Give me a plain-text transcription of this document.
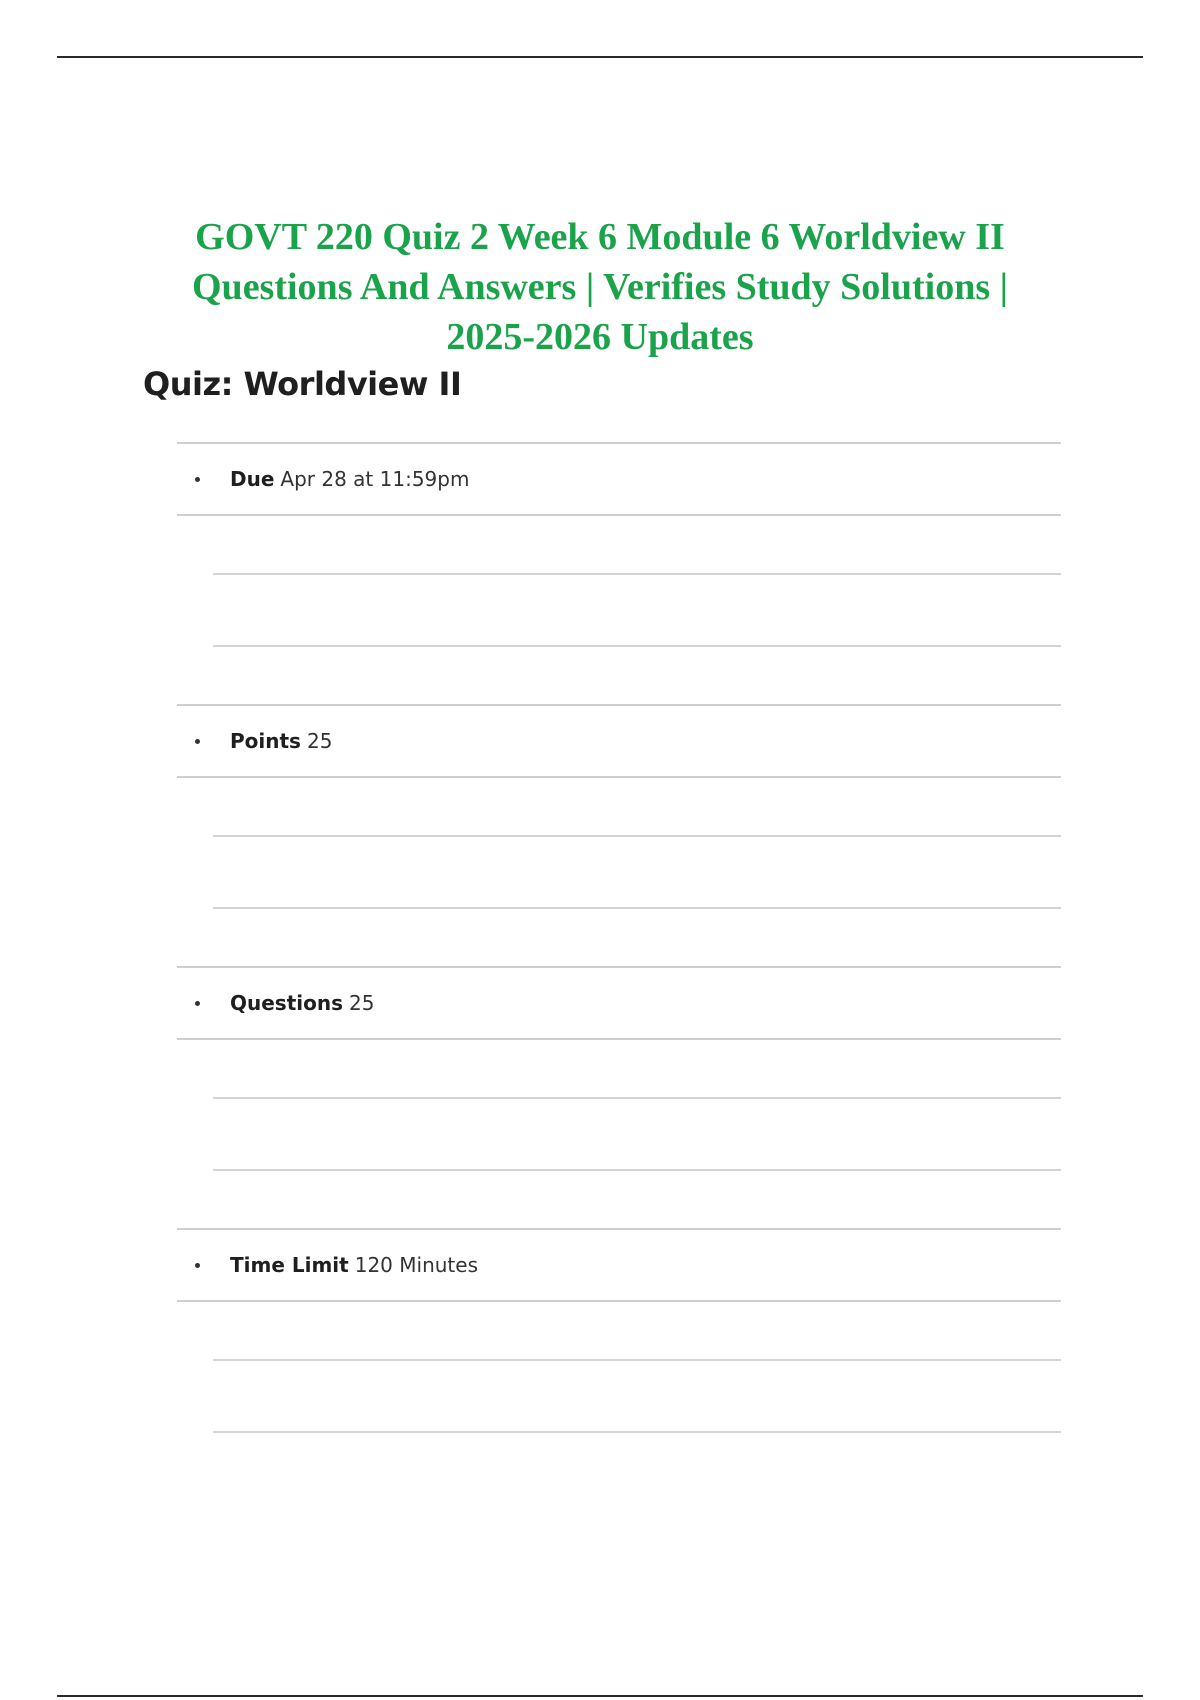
GOVT 220 Quiz 2 Week 6 Module 6 Worldview II
Questions And Answers | Verifies Study Solutions |
2025-2026 Updates
Quiz: Worldview II
Due Apr 28 at 11:59pm
Points 25
Questions 25
Time Limit 120 Minutes
